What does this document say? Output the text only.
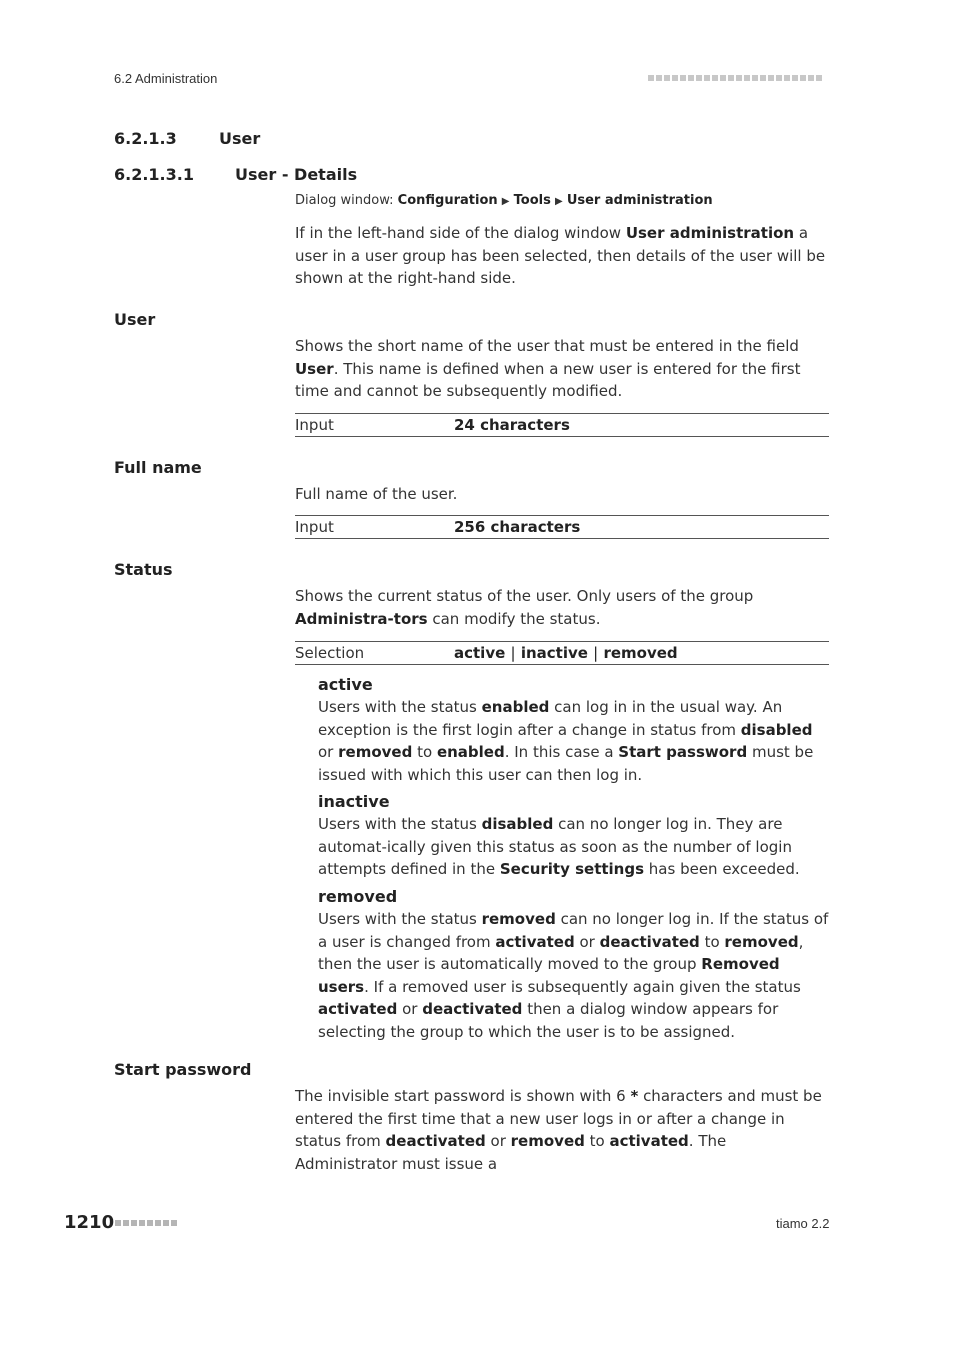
6.2 Administration
6.2.1.3	User
6.2.1.3.1	User - Details
Dialog window: Configuration ▶ Tools ▶ User administration
If in the left-hand side of the dialog window User administration a user in a user group has been selected, then details of the user will be shown at the right-hand side.
User
Shows the short name of the user that must be entered in the field User. This name is defined when a new user is entered for the first time and cannot be subsequently modified.
Input	24 characters
Full name
Full name of the user.
Input	256 characters
Status
Shows the current status of the user. Only users of the group Administra-tors can modify the status.
Selection	active | inactive | removed
active
Users with the status enabled can log in in the usual way. An exception is the first login after a change in status from disabled or removed to enabled. In this case a Start password must be issued with which this user can then log in.
inactive
Users with the status disabled can no longer log in. They are automat-ically given this status as soon as the number of login attempts defined in the Security settings has been exceeded.
removed
Users with the status removed can no longer log in. If the status of a user is changed from activated or deactivated to removed, then the user is automatically moved to the group Removed users. If a removed user is subsequently again given the status activated or deactivated then a dialog window appears for selecting the group to which the user is to be assigned.
Start password
The invisible start password is shown with 6 * characters and must be entered the first time that a new user logs in or after a change in status from deactivated or removed to activated. The Administrator must issue a
1210	tiamo 2.2
